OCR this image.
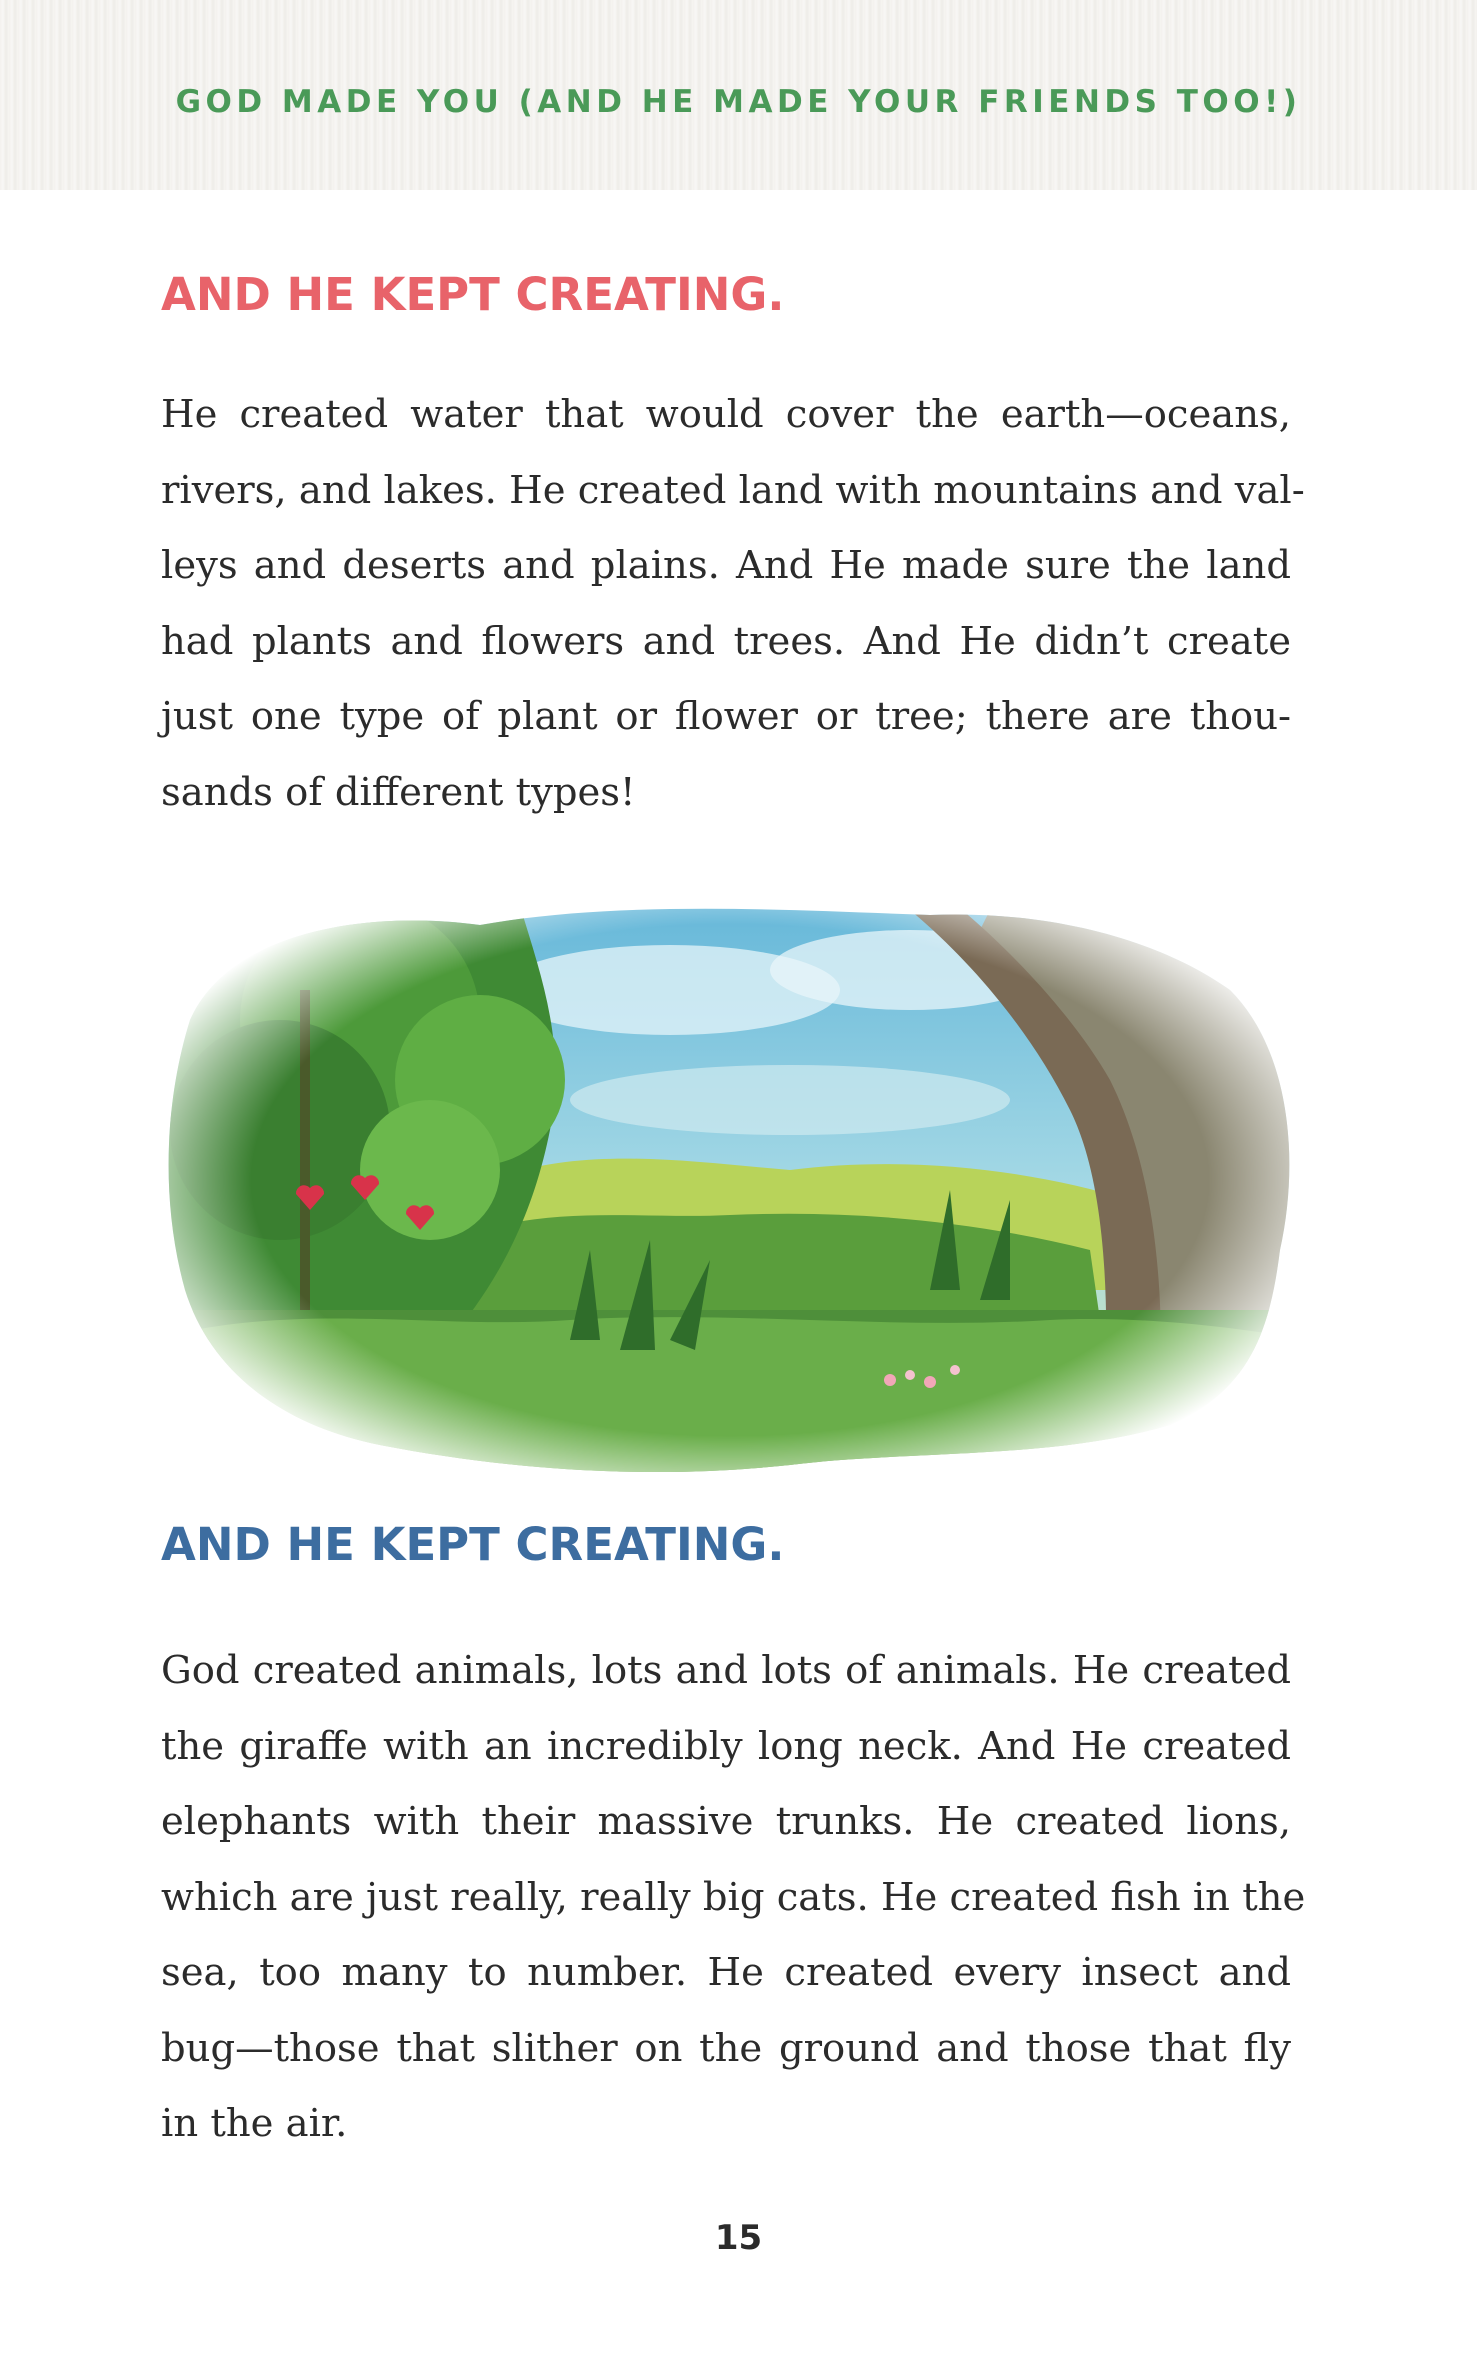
GOD MADE YOU (AND HE MADE YOUR FRIENDS TOO!)
AND HE KEPT CREATING.
He created water that would cover the earth—oceans,
rivers, and lakes. He created land with mountains and val-
leys and deserts and plains. And He made sure the land
had plants and flowers and trees. And He didn’t create
just one type of plant or flower or tree; there are thou-
sands of different types!
AND HE KEPT CREATING.
God created animals, lots and lots of animals. He created
the giraffe with an incredibly long neck. And He created
elephants with their massive trunks. He created lions,
which are just really, really big cats. He created fish in the
sea, too many to number. He created every insect and
bug—those that slither on the ground and those that fly
in the air.
15
